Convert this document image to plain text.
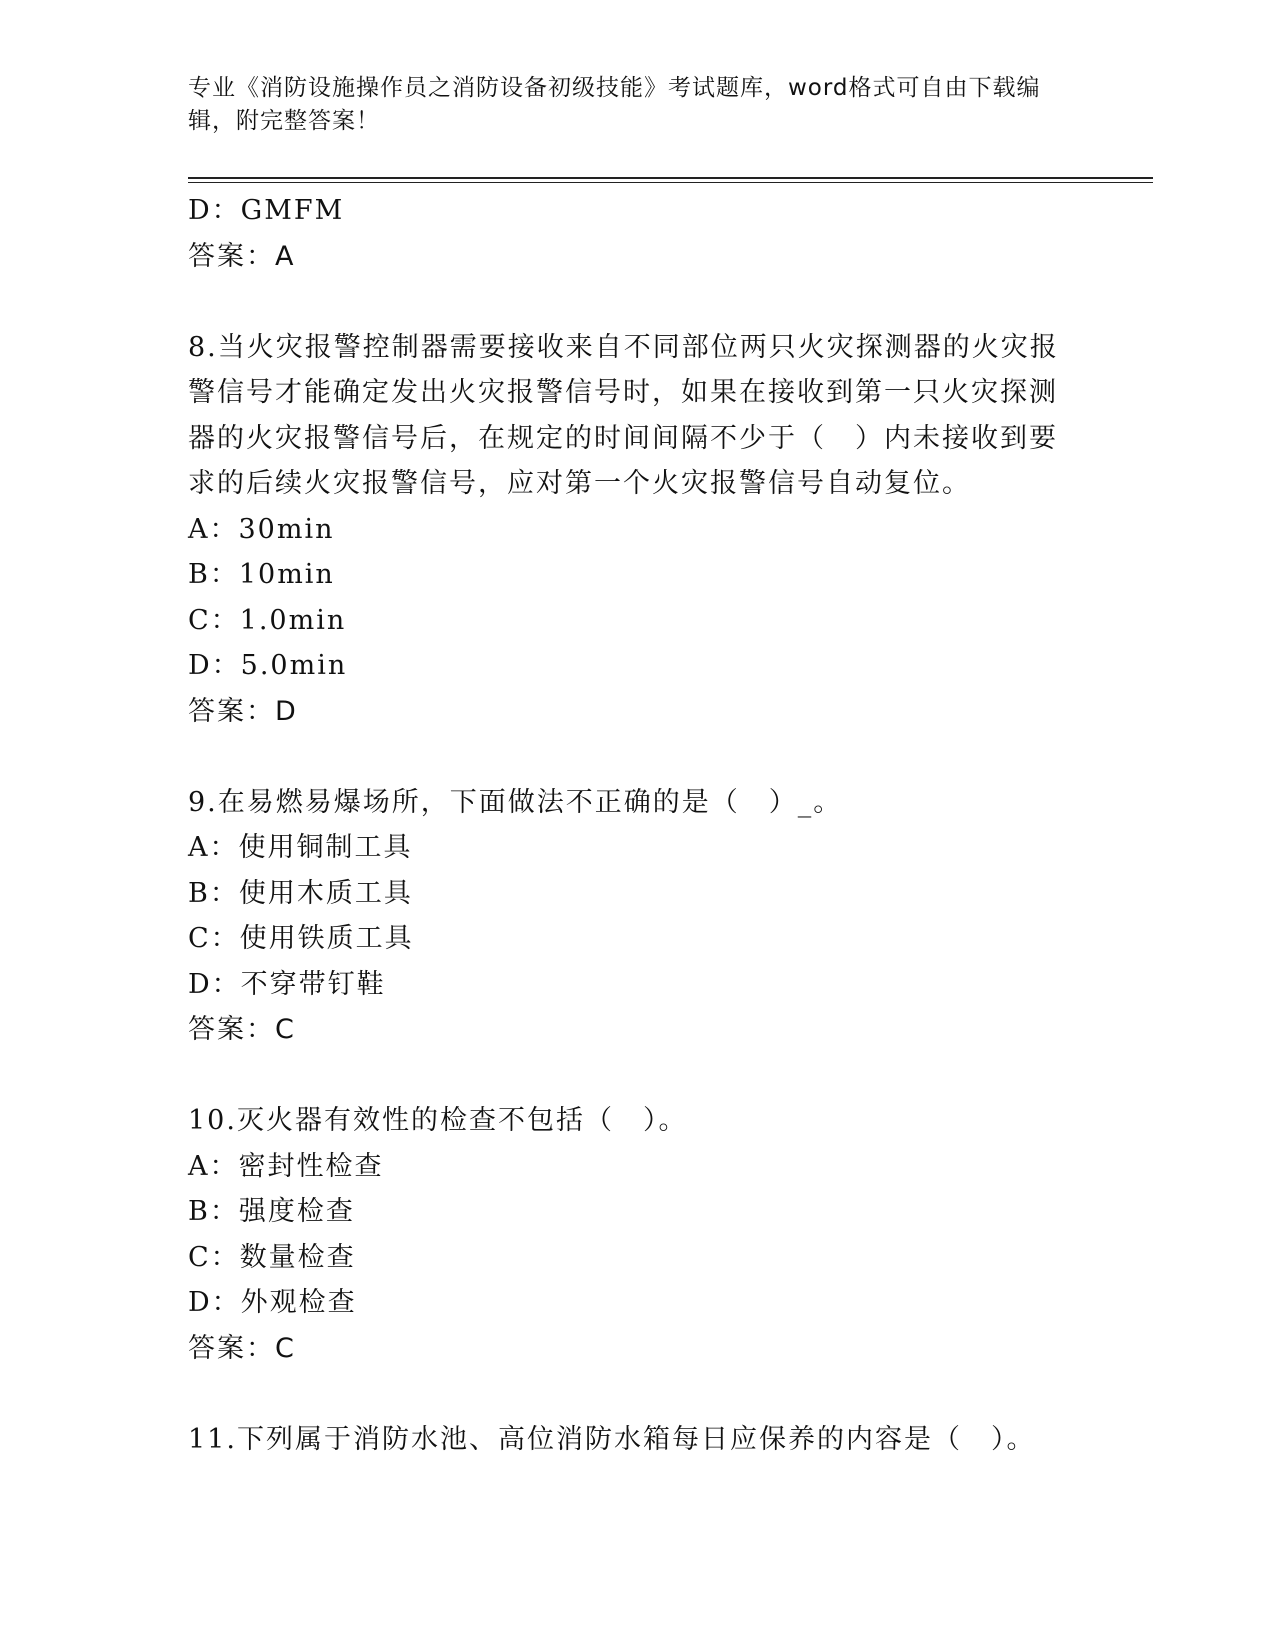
专业《消防设施操作员之消防设备初级技能》考试题库，word格式可自由下载编
辑，附完整答案！
D：GMFM
答案：A
8.当火灾报警控制器需要接收来自不同部位两只火灾探测器的火灾报
警信号才能确定发出火灾报警信号时，如果在接收到第一只火灾探测
器的火灾报警信号后，在规定的时间间隔不少于（　）内未接收到要
求的后续火灾报警信号，应对第一个火灾报警信号自动复位。
A：30min
B：10min
C：1.0min
D：5.0min
答案：D
9.在易燃易爆场所，下面做法不正确的是（　）_。
A：使用铜制工具
B：使用木质工具
C：使用铁质工具
D：不穿带钉鞋
答案：C
10.灭火器有效性的检查不包括（　）。
A：密封性检查
B：强度检查
C：数量检查
D：外观检查
答案：C
11.下列属于消防水池、高位消防水箱每日应保养的内容是（　）。
